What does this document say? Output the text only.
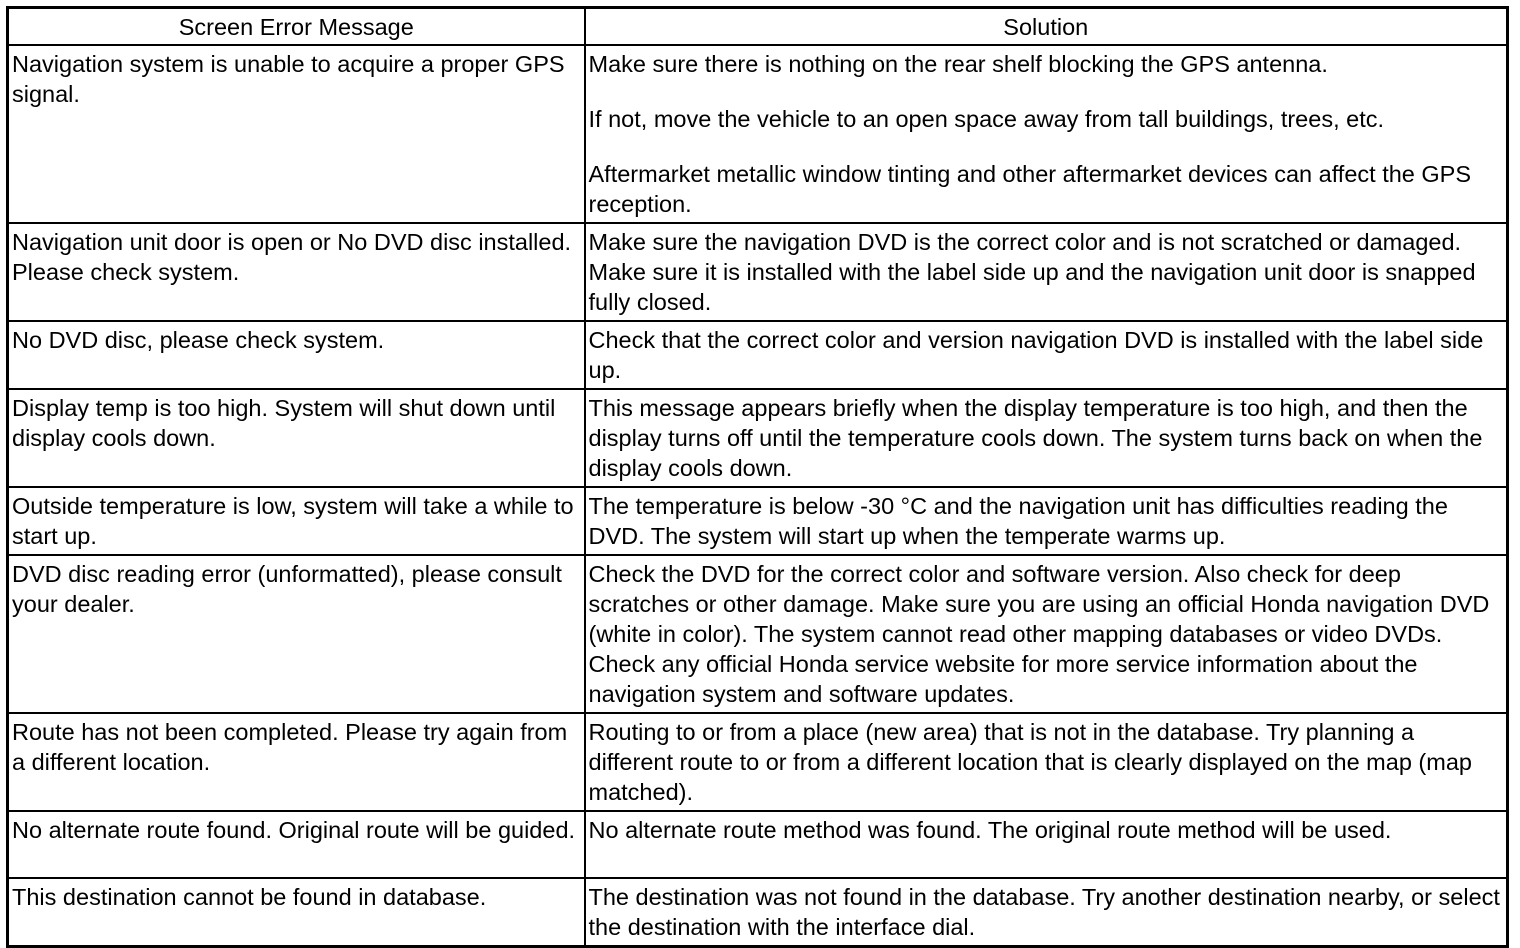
Screen Error Message	Solution
Navigation system is unable to acquire a proper GPS signal.	Make sure there is nothing on the rear shelf blocking the GPS antenna.
If not, move the vehicle to an open space away from tall buildings, trees, etc.
Aftermarket metallic window tinting and other aftermarket devices can affect the GPS reception.

Navigation unit door is open or No DVD disc installed. Please check system.	Make sure the navigation DVD is the correct color and is not scratched or damaged. Make sure it is installed with the label side up and the navigation unit door is snapped fully closed.

No DVD disc, please check system.	Check that the correct color and version navigation DVD is installed with the label side up.

Display temp is too high. System will shut down until display cools down.	This message appears briefly when the display temperature is too high, and then the display turns off until the temperature cools down. The system turns back on when the display cools down.

Outside temperature is low, system will take a while to start up.	The temperature is below -30 °C and the navigation unit has difficulties reading the DVD. The system will start up when the temperate warms up.

DVD disc reading error (unformatted), please consult your dealer.	Check the DVD for the correct color and software version. Also check for deep scratches or other damage. Make sure you are using an official Honda navigation DVD (white in color). The system cannot read other mapping databases or video DVDs. Check any official Honda service website for more service information about the navigation system and software updates.

Route has not been completed. Please try again from a different location.	Routing to or from a place (new area) that is not in the database. Try planning a different route to or from a different location that is clearly displayed on the map (map matched).

No alternate route found. Original route will be guided.	No alternate route method was found. The original route method will be used.

This destination cannot be found in database.	The destination was not found in the database. Try another destination nearby, or select the destination with the interface dial.
